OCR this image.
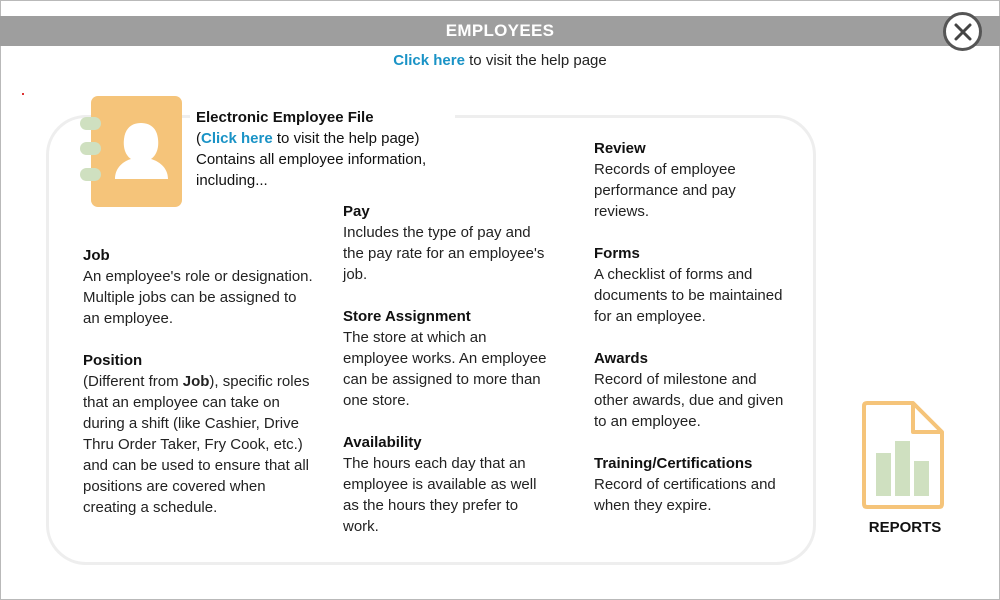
EMPLOYEES
Click here to visit the help page
Electronic Employee File
(Click here to visit the help page)
Contains all employee information, including...
Job
An employee's role or designation. Multiple jobs can be assigned to an employee.
Position
(Different from Job), specific roles that an employee can take on during a shift (like Cashier, Drive Thru Order Taker, Fry Cook, etc.) and can be used to ensure that all positions are covered when creating a schedule.
Pay
Includes the type of pay and the pay rate for an employee's job.
Store Assignment
The store at which an employee works. An employee can be assigned to more than one store.
Availability
The hours each day that an employee is available as well as the hours they prefer to work.
Review
Records of employee performance and pay reviews.
Forms
A checklist of forms and documents to be maintained for an employee.
Awards
Record of milestone and other awards, due and given to an employee.
Training/Certifications
Record of certifications and when they expire.
REPORTS
